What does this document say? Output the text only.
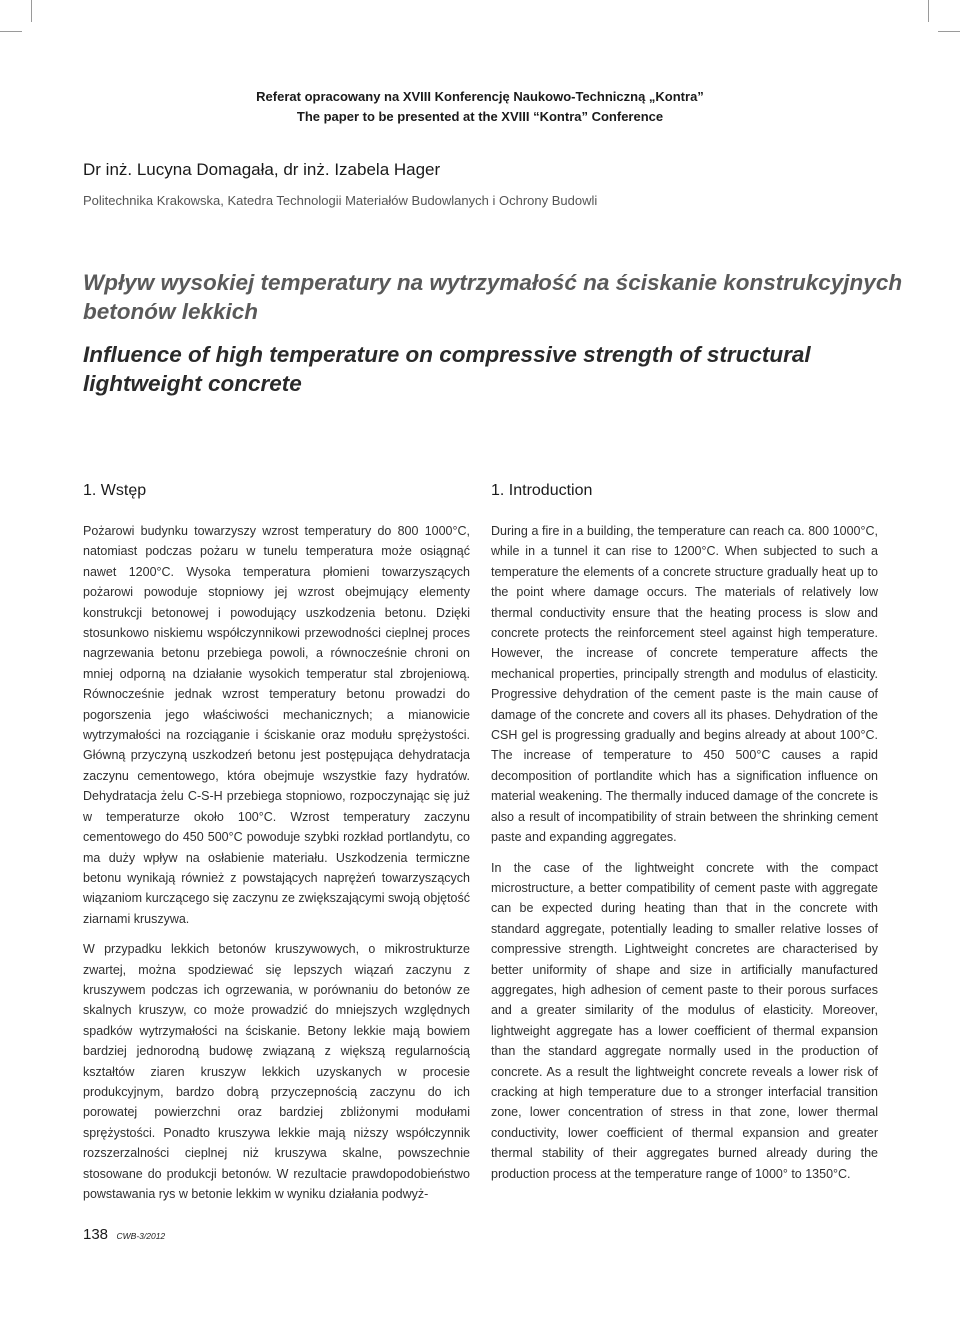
Referat opracowany na XVIII Konferencję Naukowo-Techniczną „Kontra”
The paper to be presented at the XVIII “Kontra” Conference
Dr inż. Lucyna Domagała, dr inż. Izabela Hager
Politechnika Krakowska, Katedra Technologii Materiałów Budowlanych i Ochrony Budowli
Wpływ wysokiej temperatury na wytrzymałość na ściskanie konstrukcyjnych betonów lekkich
Influence of high temperature on compressive strength of structural lightweight concrete
1. Wstęp	1. Introduction

Pożarowi budynku towarzyszy wzrost temperatury do 800 1000°C, natomiast podczas pożaru w tunelu temperatura może osiągnąć nawet 1200°C. Wysoka temperatura płomieni towarzyszących pożarowi powoduje stopniowy jej wzrost obejmujący elementy konstrukcji betonowej i powodujący uszkodzenia betonu. Dzięki stosunkowo niskiemu współczynnikowi przewodności cieplnej proces nagrzewania betonu przebiega powoli, a równocześnie chroni on mniej odporną na działanie wysokich temperatur stal zbrojeniową. Równocześnie jednak wzrost temperatury betonu prowadzi do pogorszenia jego właściwości mechanicznych; a mianowicie wytrzymałości na rozciąganie i ściskanie oraz modułu sprężystości. Główną przyczyną uszkodzeń betonu jest postępująca dehydratacja zaczynu cementowego, która obejmuje wszystkie fazy hydratów. Dehydratacja żelu C-S-H przebiega stopniowo, rozpoczynając się już w temperaturze około 100°C. Wzrost temperatury zaczynu cementowego do 450 500°C powoduje szybki rozkład portlandytu, co ma duży wpływ na osłabienie materiału. Uszkodzenia termiczne betonu wynikają również z powstających naprężeń towarzyszących wiązaniom kurczącego się zaczynu ze zwiększającymi swoją objętość ziarnami kruszywa.

W przypadku lekkich betonów kruszywowych, o mikrostrukturze zwartej, można spodziewać się lepszych wiązań zaczynu z kruszywem podczas ich ogrzewania, w porównaniu do betonów ze skalnych kruszyw, co może prowadzić do mniejszych względnych spadków wytrzymałości na ściskanie. Betony lekkie mają bowiem bardziej jednorodną budowę związaną z większą regularnością kształtów ziaren kruszyw lekkich uzyskanych w procesie produkcyjnym, bardzo dobrą przyczepnością zaczynu do ich porowatej powierzchni oraz bardziej zbliżonymi modułami sprężystości. Ponadto kruszywa lekkie mają niższy współczynnik rozszerzalności cieplnej niż kruszywa skalne, powszechnie stosowane do produkcji betonów. W rezultacie prawdopodobieństwo powstawania rys w betonie lekkim w wyniku działania podwyż-

During a fire in a building, the temperature can reach ca. 800 1000°C, while in a tunnel it can rise to 1200°C. When subjected to such a temperature the elements of a concrete structure gradually heat up to the point where damage occurs. The materials of relatively low thermal conductivity ensure that the heating process is slow and concrete protects the reinforcement steel against high temperature. However, the increase of concrete temperature affects the mechanical properties, principally strength and modulus of elasticity. Progressive dehydration of the cement paste is the main cause of damage of the concrete and covers all its phases. Dehydration of the CSH gel is progressing gradually and begins already at about 100°C. The increase of temperature to 450 500°C causes a rapid decomposition of portlandite which has a signification influence on material weakening. The thermally induced damage of the concrete is also a result of incompatibility of strain between the shrinking cement paste and expanding aggregates.

In the case of the lightweight concrete with the compact microstructure, a better compatibility of cement paste with aggregate can be expected during heating than that in the concrete with standard aggregate, potentially leading to smaller relative losses of compressive strength. Lightweight concretes are characterised by better uniformity of shape and size in artificially manufactured aggregates, high adhesion of cement paste to their porous surfaces and a greater similarity of the modulus of elasticity. Moreover, lightweight aggregate has a lower coefficient of thermal expansion than the standard aggregate normally used in the production of concrete. As a result the lightweight concrete reveals a lower risk of cracking at high temperature due to a stronger interfacial transition zone, lower concentration of stress in that zone, lower thermal conductivity, lower coefficient of thermal expansion and greater thermal stability of their aggregates burned already during the production process at the temperature range of 1000° to 1350°C.

138 CWB-3/2012
